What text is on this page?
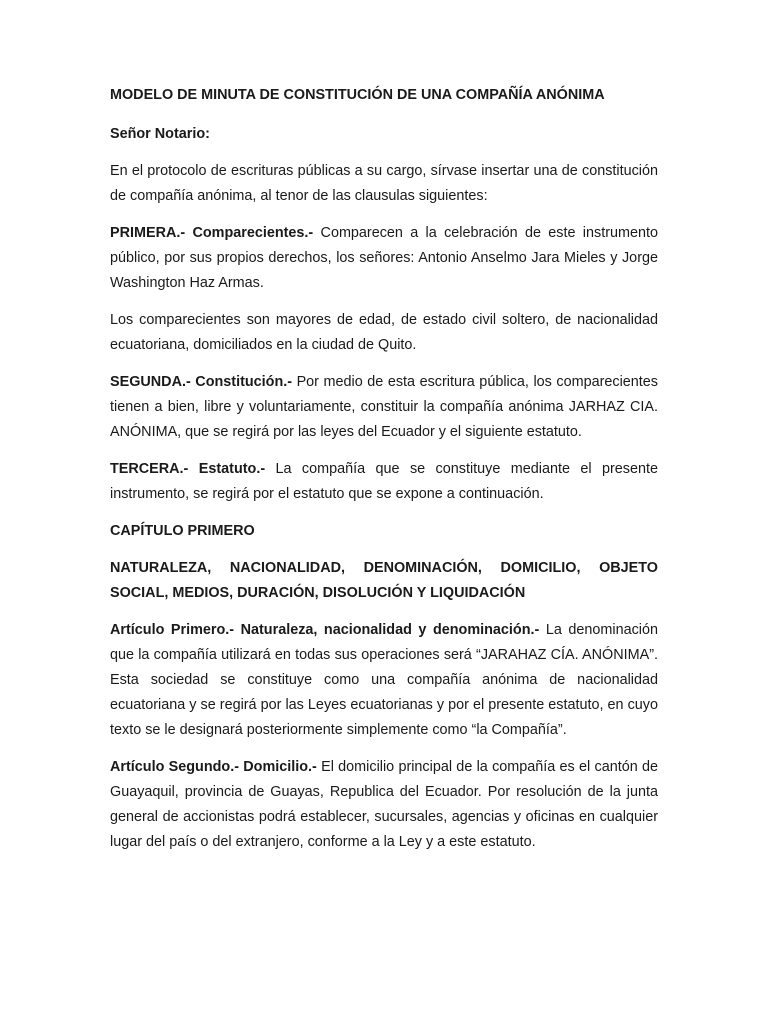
MODELO DE MINUTA DE CONSTITUCIÓN DE UNA COMPAÑÍA ANÓNIMA
Señor Notario:

En el protocolo de escrituras públicas a su cargo, sírvase insertar una de constitución de compañía anónima, al tenor de las clausulas siguientes:

PRIMERA.- Comparecientes.- Comparecen a la celebración de este instrumento público, por sus propios derechos, los señores: Antonio Anselmo Jara Mieles y Jorge Washington Haz Armas.

Los comparecientes son mayores de edad, de estado civil soltero, de nacionalidad ecuatoriana, domiciliados en la ciudad de Quito.

SEGUNDA.- Constitución.- Por medio de esta escritura pública, los comparecientes tienen a bien, libre y voluntariamente, constituir la compañía anónima JARHAZ CIA. ANÓNIMA, que se regirá por las leyes del Ecuador y el siguiente estatuto.

TERCERA.- Estatuto.- La compañía que se constituye mediante el presente instrumento, se regirá por el estatuto que se expone a continuación.

CAPÍTULO PRIMERO
NATURALEZA, NACIONALIDAD, DENOMINACIÓN, DOMICILIO, OBJETO SOCIAL, MEDIOS, DURACIÓN, DISOLUCIÓN Y LIQUIDACIÓN

Artículo Primero.- Naturaleza, nacionalidad y denominación.- La denominación que la compañía utilizará en todas sus operaciones será “JARAHAZ CÍA. ANÓNIMA”. Esta sociedad se constituye como una compañía anónima de nacionalidad ecuatoriana y se regirá por las Leyes ecuatorianas y por el presente estatuto, en cuyo texto se le designará posteriormente simplemente como “la Compañía”.

Artículo Segundo.- Domicilio.- El domicilio principal de la compañía es el cantón de Guayaquil, provincia de Guayas, Republica del Ecuador. Por resolución de la junta general de accionistas podrá establecer, sucursales, agencias y oficinas en cualquier lugar del país o del extranjero, conforme a la Ley y a este estatuto.
